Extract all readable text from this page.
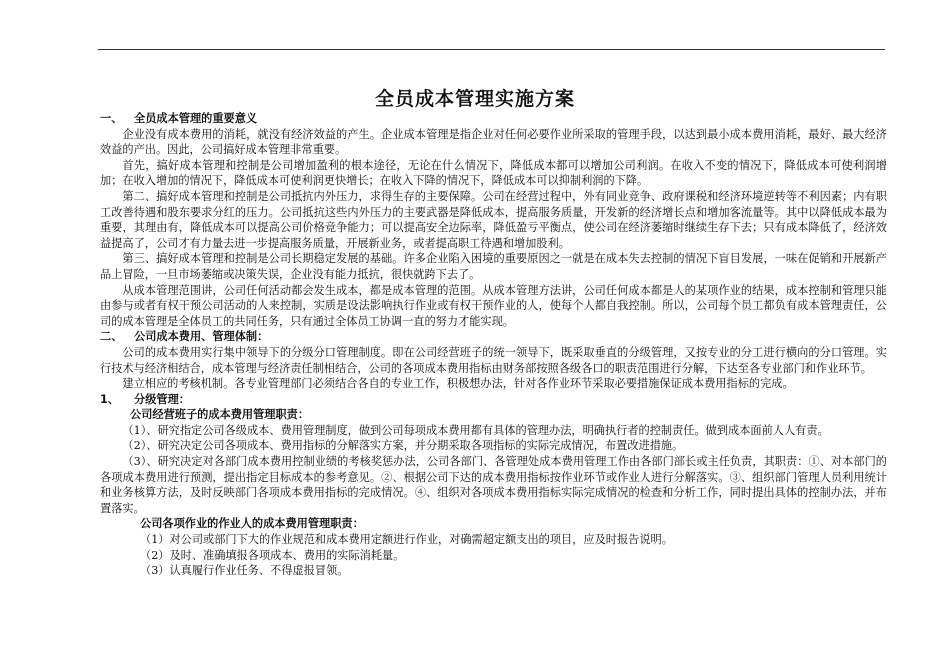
全员成本管理实施方案

一、 全员成本管理的重要意义

企业没有成本费用的消耗，就没有经济效益的产生。企业成本管理是指企业对任何必要作业所采取的管理手段，以达到最小成本费用消耗，最好、最大经济效益的产出。因此，公司搞好成本管理非常重要。

首先，搞好成本管理和控制是公司增加盈利的根本途径，无论在什么情况下，降低成本都可以增加公司利润。在收入不变的情况下，降低成本可使利润增加；在收入增加的情况下，降低成本可使利润更快增长；在收入下降的情况下，降低成本可以抑制利润的下降。

第二、搞好成本管理和控制是公司抵抗内外压力，求得生存的主要保障。公司在经营过程中，外有同业竞争、政府课税和经济环境逆转等不利因素；内有职工改善待遇和股东要求分红的压力。公司抵抗这些内外压力的主要武器是降低成本，提高服务质量，开发新的经济增长点和增加客流量等。其中以降低成本最为重要，其理由有，降低成本可以提高公司价格竞争能力；可以提高安全边际率，降低盈亏平衡点，使公司在经济萎缩时继续生存下去；只有成本降低了，经济效益提高了，公司才有力量去进一步提高服务质量，开展新业务，或者提高职工待遇和增加股利。

第三、搞好成本管理和控制是公司长期稳定发展的基础。许多企业陷入困境的重要原因之一就是在成本失去控制的情况下盲目发展，一味在促销和开展新产品上冒险，一旦市场萎缩或决策失误，企业没有能力抵抗，很快就跨下去了。

从成本管理范围讲，公司任何活动都会发生成本，都是成本管理的范围。从成本管理方法讲，公司任何成本都是人的某项作业的结果，成本控制和管理只能由参与或者有权干预公司活动的人来控制，实质是设法影响执行作业或有权干预作业的人，使每个人都自我控制。所以，公司每个员工都负有成本管理责任，公司的成本管理是全体员工的共同任务，只有通过全体员工协调一直的努力才能实现。

二、 公司成本费用、管理体制：

公司的成本费用实行集中领导下的分级分口管理制度。即在公司经营班子的统一领导下，既采取垂直的分级管理，又按专业的分工进行横向的分口管理。实行技术与经济相结合，成本管理与经济责任制相结合，公司的各项成本费用指标由财务部按照各级各口的职责范围进行分解，下达至各专业部门和作业环节。

建立相应的考核机制。各专业管理部门必须结合各自的专业工作，积极想办法，针对各作业环节采取必要措施保证成本费用指标的完成。

1、 分级管理：

公司经营班子的成本费用管理职责：

（1）、研究指定公司各级成本、费用管理制度，做到公司每项成本费用都有具体的管理办法，明确执行者的控制责任。做到成本面前人人有责。

（2）、研究决定公司各项成本、费用指标的分解落实方案，并分期采取各项指标的实际完成情况，布置改进措施。

（3）、研究决定对各部门成本费用控制业绩的考核奖惩办法，公司各部门、各管理处成本费用管理工作由各部门部长或主任负责，其职责：①、对本部门的各项成本费用进行预测，提出指定目标成本的参考意见。②、根据公司下达的成本费用指标按作业环节或作业人进行分解落实。③、组织部门管理人员利用统计和业务核算方法，及时反映部门各项成本费用指标的完成情况。④、组织对各项成本费用指标实际完成情况的检查和分析工作，同时提出具体的控制办法，并布置落实。

公司各项作业的作业人的成本费用管理职责：

（1）对公司或部门下大的作业规范和成本费用定额进行作业，对确需超定额支出的项目，应及时报告说明。

（2）及时、准确填报各项成本、费用的实际消耗量。

（3）认真履行作业任务、不得虚报冒领。
